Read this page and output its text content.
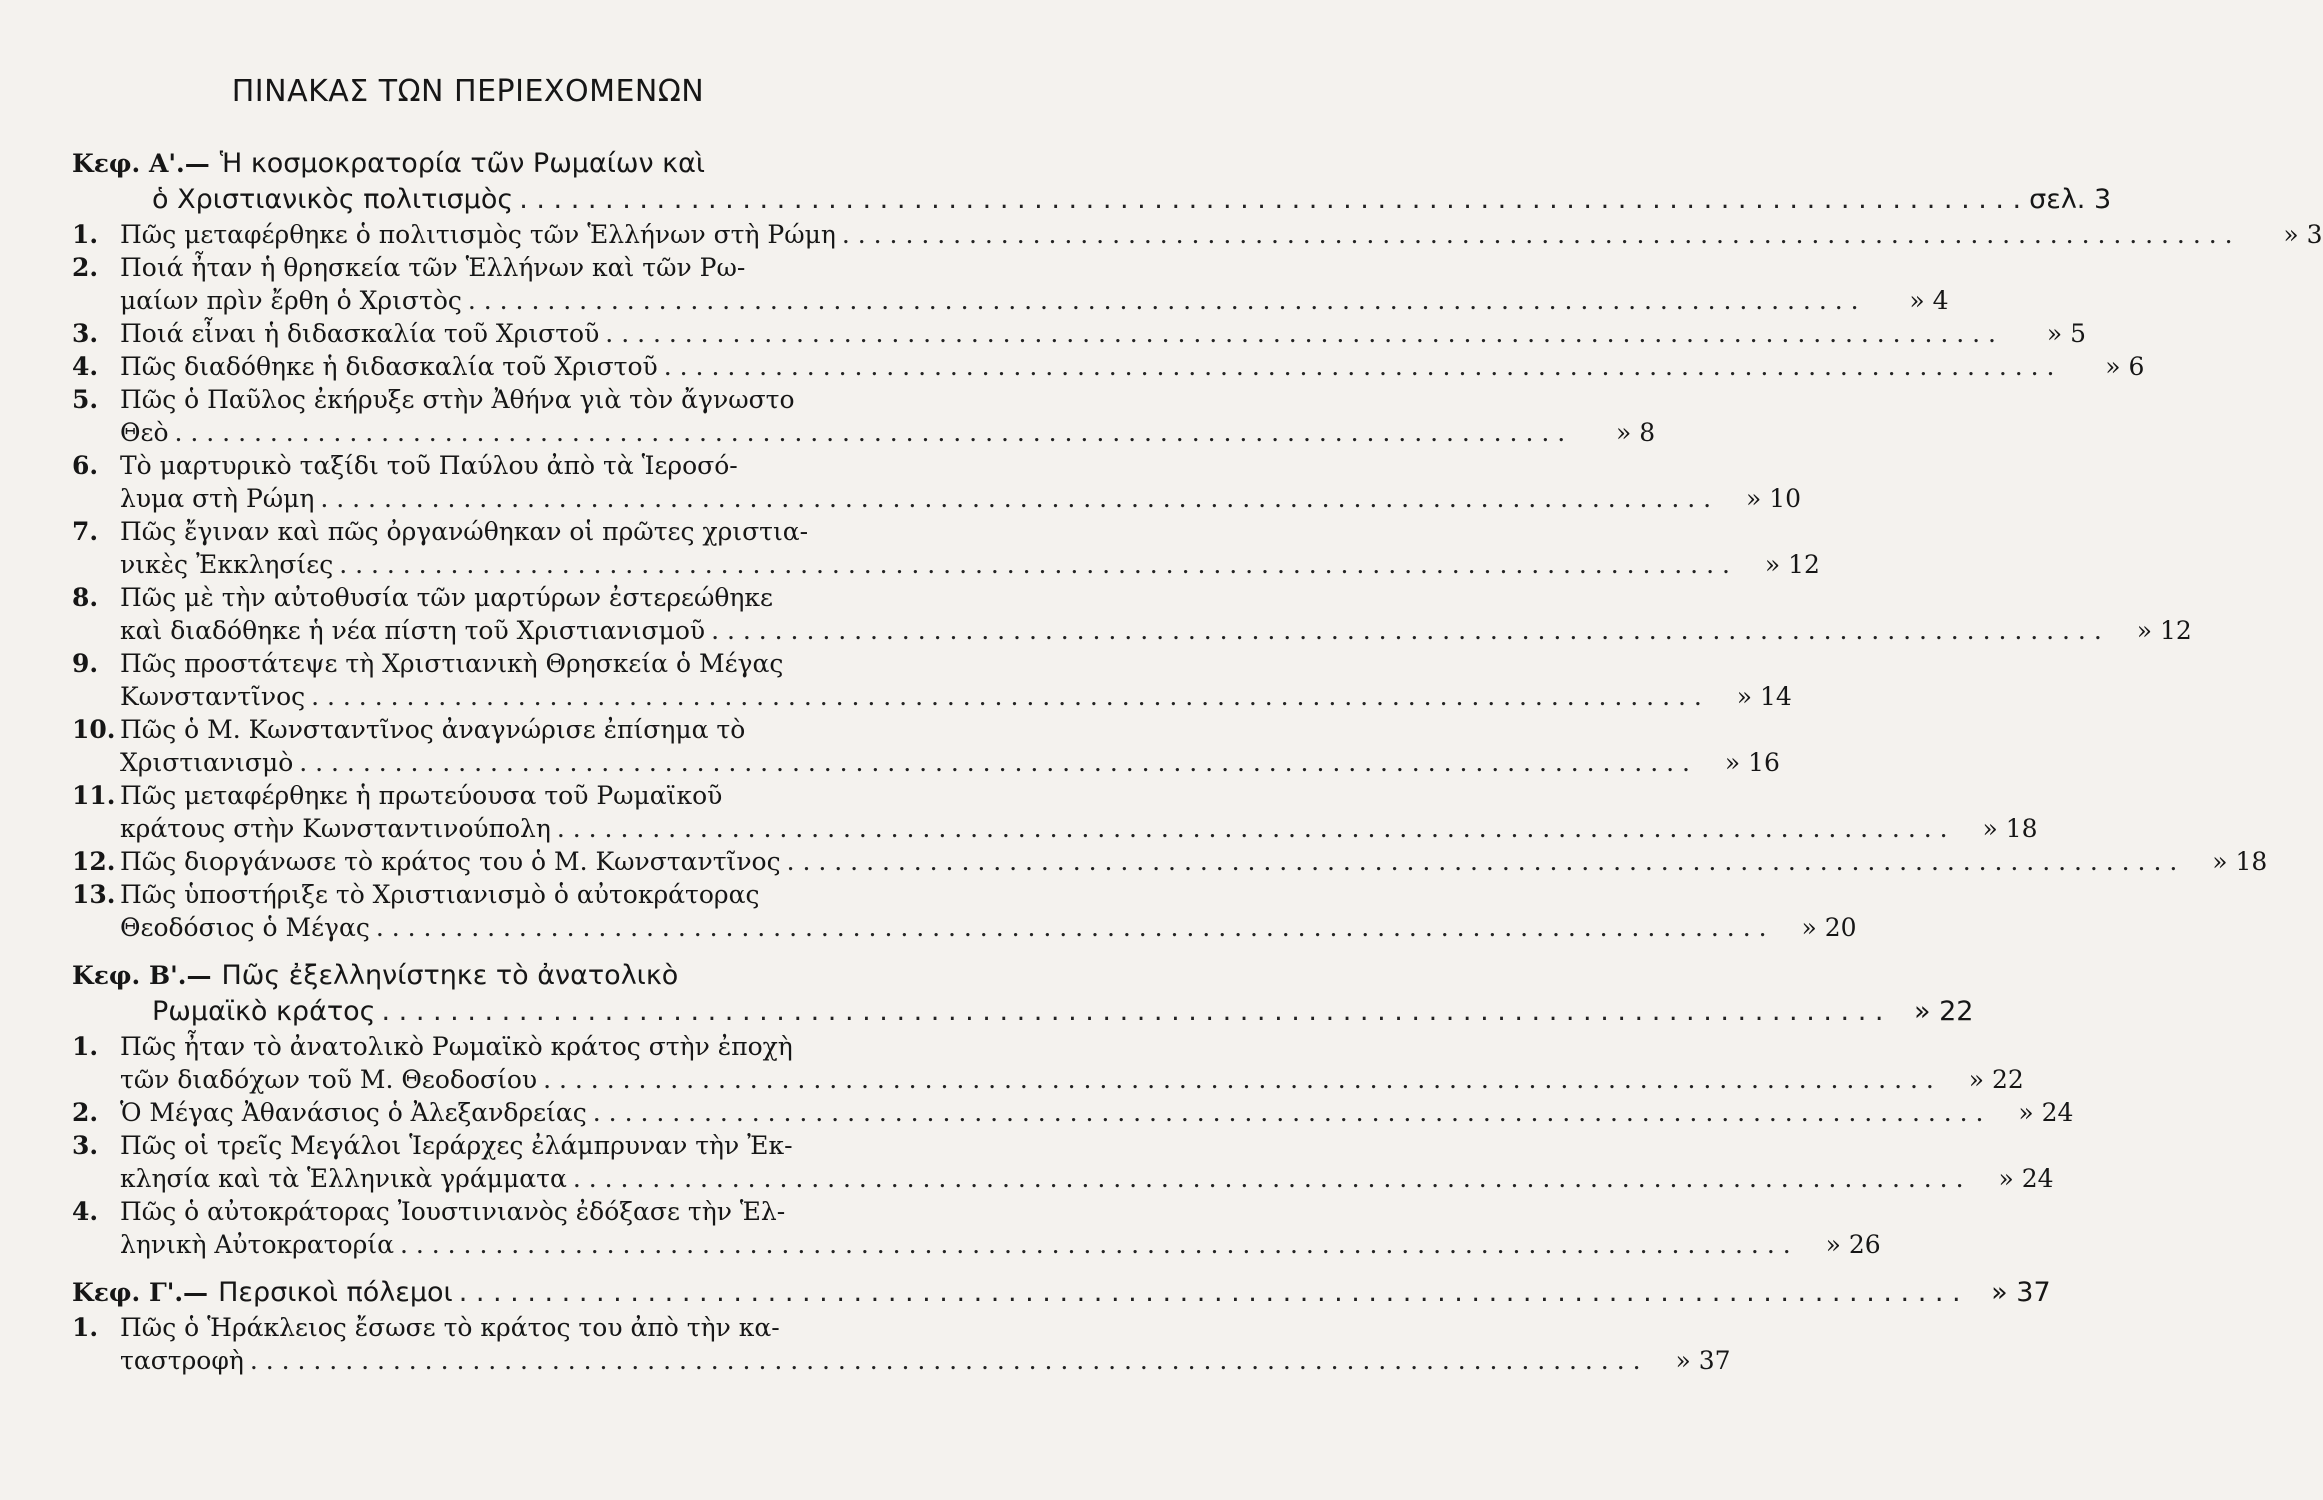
ΠΙΝΑΚΑΣ ΤΩΝ ΠΕΡΙΕΧΟΜΕΝΩΝ
Κεφ. Α'.— Ἡ κοσμοκρατορία τῶν Ρωμαίων καὶ
ὁ Χριστιανικὸς πολιτισμὸς . . .	σελ. 3
1. Πῶς μεταφέρθηκε ὁ πολιτισμὸς τῶν Ἑλλήνων στὴ Ρώμη . . .	» 3
2. Ποιά ἦταν ἡ θρησκεία τῶν Ἑλλήνων καὶ τῶν Ρω-
μαίων πρὶν ἔρθη ὁ Χριστὸς . . .	» 4
3. Ποιά εἶναι ἡ διδασκαλία τοῦ Χριστοῦ . . .	» 5
4. Πῶς διαδόθηκε ἡ διδασκαλία τοῦ Χριστοῦ . . .	» 6
5. Πῶς ὁ Παῦλος ἐκήρυξε στὴν Ἀθήνα γιὰ τὸν ἄγνωστο
Θεὸ . . .	» 8
6. Τὸ μαρτυρικὸ ταξίδι τοῦ Παύλου ἀπὸ τὰ Ἱεροσό-
λυμα στὴ Ρώμη . . .	» 10
7. Πῶς ἔγιναν καὶ πῶς ὀργανώθηκαν οἱ πρῶτες χριστια-
νικὲς Ἐκκλησίες . . .	» 12
8. Πῶς μὲ τὴν αὐτοθυσία τῶν μαρτύρων ἐστερεώθηκε
καὶ διαδόθηκε ἡ νέα πίστη τοῦ Χριστιανισμοῦ . . .	» 12
9. Πῶς προστάτεψε τὴ Χριστιανικὴ Θρησκεία ὁ Μέγας
Κωνσταντῖνος . . .	» 14
10. Πῶς ὁ Μ. Κωνσταντῖνος ἀναγνώρισε ἐπίσημα τὸ
Χριστιανισμὸ . . .	» 16
11. Πῶς μεταφέρθηκε ἡ πρωτεύουσα τοῦ Ρωμαϊκοῦ
κράτους στὴν Κωνσταντινούπολη . . .	» 18
12. Πῶς διοργάνωσε τὸ κράτος του ὁ Μ. Κωνσταντῖνος . . .	» 18
13. Πῶς ὑποστήριξε τὸ Χριστιανισμὸ ὁ αὐτοκράτορας
Θεοδόσιος ὁ Μέγας . . .	» 20
Κεφ. Β'.— Πῶς ἐξελληνίστηκε τὸ ἀνατολικὸ
Ρωμαϊκὸ κράτος . . .	» 22
1. Πῶς ἦταν τὸ ἀνατολικὸ Ρωμαϊκὸ κράτος στὴν ἐποχὴ
τῶν διαδόχων τοῦ Μ. Θεοδοσίου . . .	» 22
2. Ὁ Μέγας Ἀθανάσιος ὁ Ἀλεξανδρείας . . .	» 24
3. Πῶς οἱ τρεῖς Μεγάλοι Ἱεράρχες ἐλάμπρυναν τὴν Ἐκ-
κλησία καὶ τὰ Ἑλληνικὰ γράμματα . . .	» 24
4. Πῶς ὁ αὐτοκράτορας Ἰουστινιανὸς ἐδόξασε τὴν Ἑλ-
ληνικὴ Αὐτοκρατορία . . .	» 26
Κεφ. Γ'.— Περσικοὶ πόλεμοι . . .	» 37
1. Πῶς ὁ Ἡράκλειος ἔσωσε τὸ κράτος του ἀπὸ τὴν κα-
ταστροφὴ . . .	» 37
